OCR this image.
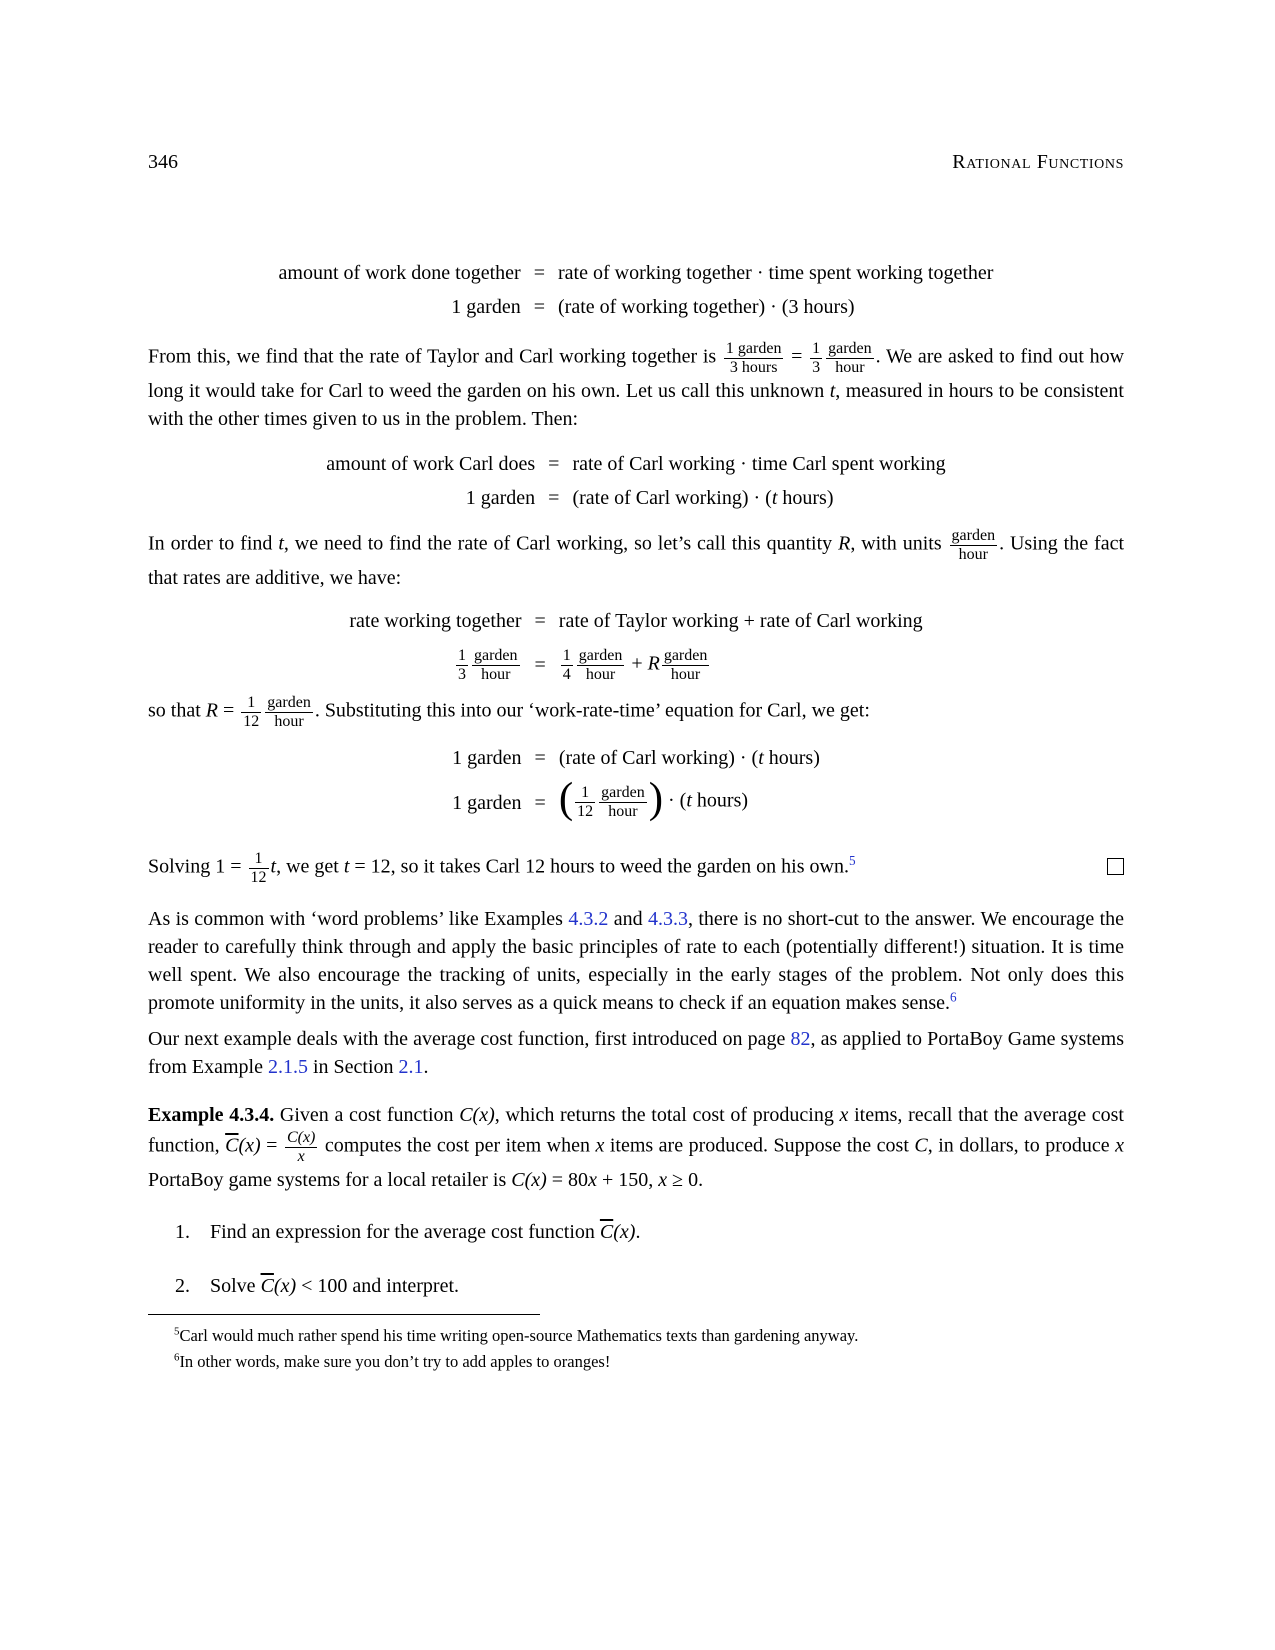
346	Rational Functions
amount of work done together	=	rate of working together · time spent working together
1 garden	=	(rate of working together) · (3 hours)

From this, we find that the rate of Taylor and Carl working together is $\frac{\text{1 garden}}{\text{3 hours}} = \frac{1}{3} \frac{\text{garden}}{\text{hour}}$ . We are asked to find out how long it would take for Carl to weed the garden on his own. Let us call this unknown t, measured in hours to be consistent with the other times given to us in the problem. Then:

amount of work Carl does	=	rate of Carl working · time Carl spent working
1 garden	=	(rate of Carl working) · (t hours)

In order to find t, we need to find the rate of Carl working, so let’s call this quantity R, with units $\frac{\text{garden}}{\text{hour}}$ . Using the fact that rates are additive, we have:

rate working together	=	rate of Taylor working + rate of Carl working

$\frac{1}{3} \frac{\text{garden}}{\text{hour}}$	=	$\frac{1}{4} \frac{\text{garden}}{\text{hour}} + R \frac{\text{garden}}{\text{hour}}$

so that $R = \frac{1}{12} \frac{\text{garden}}{\text{hour}}$ . Substituting this into our ‘work-rate-time’ equation for Carl, we get:

1 garden	=	(rate of Carl working) · (t hours)
1 garden	=	( $\frac{1}{12} \frac{\text{garden}}{\text{hour}}$ ) · (t hours)

Solving $1 = \frac{1}{12} t$, we get t = 12, so it takes Carl 12 hours to weed the garden on his own.$^5$

As is common with ‘word problems’ like Examples 4.3.2 and 4.3.3, there is no short-cut to the answer. We encourage the reader to carefully think through and apply the basic principles of rate to each (potentially different!) situation. It is time well spent. We also encourage the tracking of units, especially in the early stages of the problem. Not only does this promote uniformity in the units, it also serves as a quick means to check if an equation makes sense.$^6$

Our next example deals with the average cost function, first introduced on page 82, as applied to PortaBoy Game systems from Example 2.1.5 in Section 2.1.

Example 4.3.4. Given a cost function C(x), which returns the total cost of producing x items, recall that the average cost function, $\overline{C}(x) = \frac{C(x)}{x}$ computes the cost per item when x items are produced. Suppose the cost C, in dollars, to produce x PortaBoy game systems for a local retailer is C(x) = 80x + 150, x ≥ 0.

1. Find an expression for the average cost function $\overline{C}(x)$.

2. Solve $\overline{C}(x) < 100$ and interpret.

$^5$Carl would much rather spend his time writing open-source Mathematics texts than gardening anyway.

$^6$In other words, make sure you don’t try to add apples to oranges!
